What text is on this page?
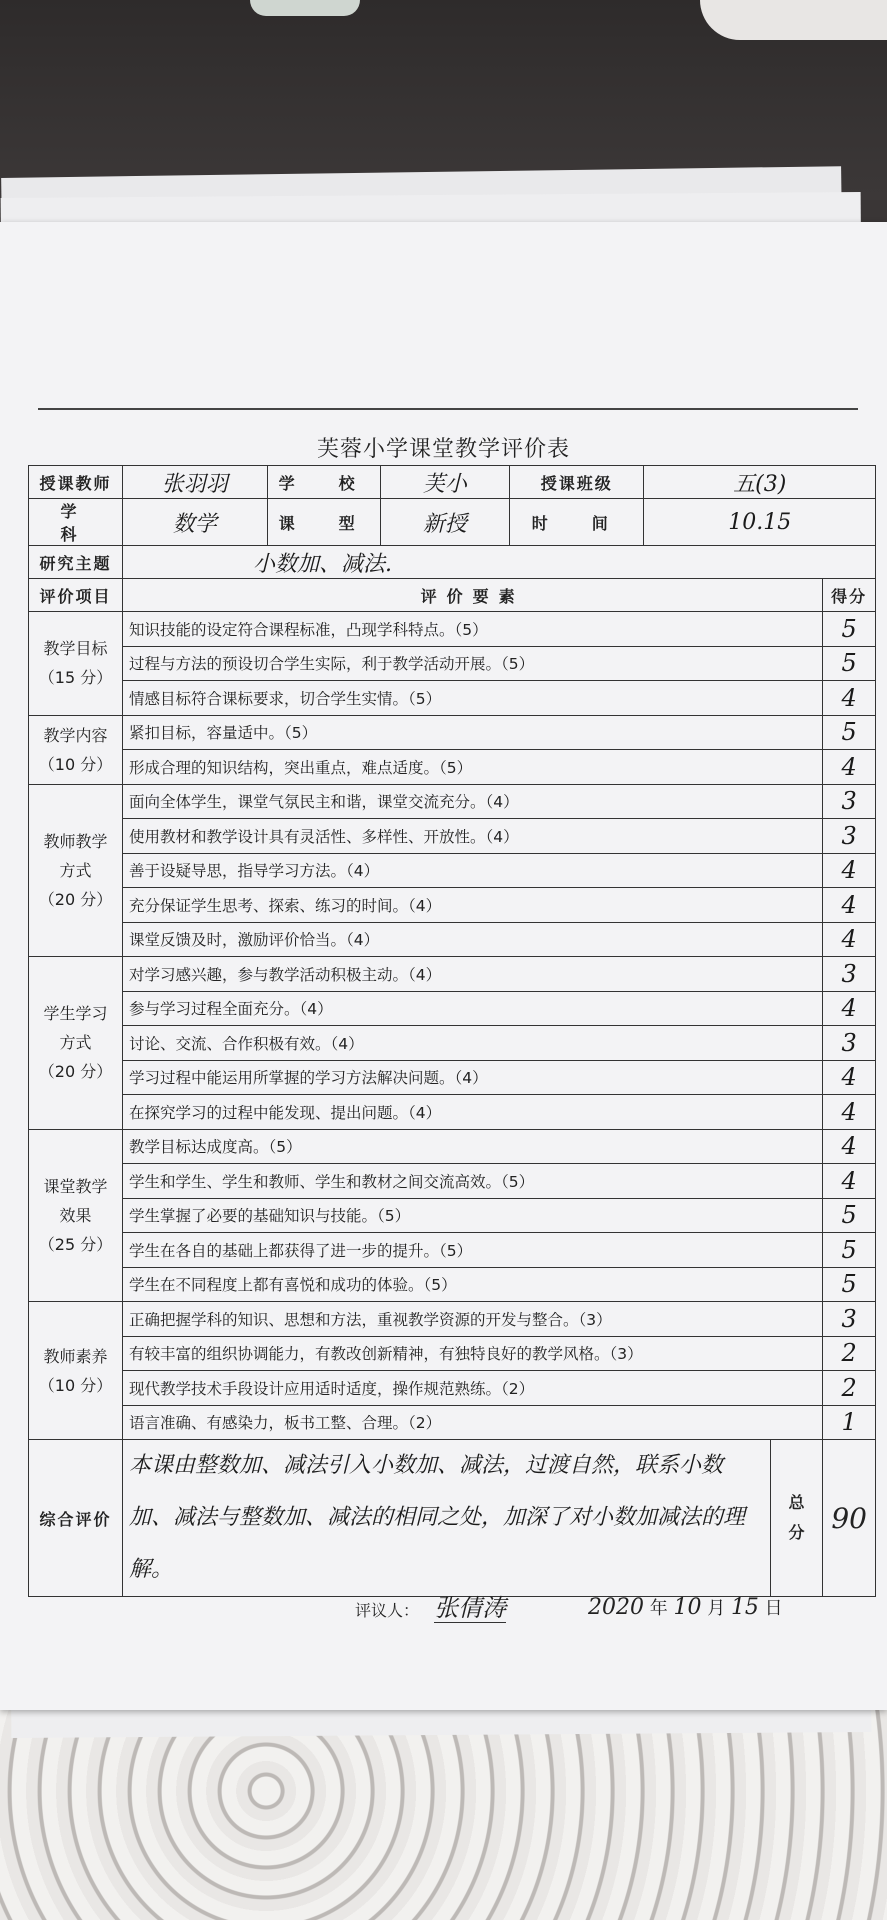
芙蓉小学课堂教学评价表
授课教师	张羽羽	学　校	芙小	授课班级	五(3)		
学　科	数学	课　型	新授	时　间	10.15		
研究主题	小数加、减法.						
评价项目	评价要素						得分

教学目标
（15 分）	知识技能的设定符合课程标准，凸现学科特点。（5）						5
	过程与方法的预设切合学生实际，利于教学活动开展。（5）						5
	情感目标符合课标要求，切合学生实情。（5）						4

教学内容
（10 分）	紧扣目标，容量适中。（5）						5
	形成合理的知识结构，突出重点，难点适度。（5）						4

教师教学
方式
（20 分）	面向全体学生，课堂气氛民主和谐，课堂交流充分。（4）						3
	使用教材和教学设计具有灵活性、多样性、开放性。（4）						3
	善于设疑导思，指导学习方法。（4）						4
	充分保证学生思考、探索、练习的时间。（4）						4
	课堂反馈及时，激励评价恰当。（4）						4

学生学习
方式
（20 分）	对学习感兴趣，参与教学活动积极主动。（4）						3
	参与学习过程全面充分。（4）						4
	讨论、交流、合作积极有效。（4）						3
	学习过程中能运用所掌握的学习方法解决问题。（4）						4
	在探究学习的过程中能发现、提出问题。（4）						4

课堂教学
效果
（25 分）	教学目标达成度高。（5）						4
	学生和学生、学生和教师、学生和教材之间交流高效。（5）						4
	学生掌握了必要的基础知识与技能。（5）						5
	学生在各自的基础上都获得了进一步的提升。（5）						5
	学生在不同程度上都有喜悦和成功的体验。（5）						5

教师素养
（10 分）	正确把握学科的知识、思想和方法，重视教学资源的开发与整合。（3）						3
	有较丰富的组织协调能力，有教改创新精神，有独特良好的教学风格。（3）						2
	现代教学技术手段设计应用适时适度，操作规范熟练。（2）						2
	语言准确、有感染力，板书工整、合理。（2）						1
综合评价	本课由整数加、减法引入小数加、减法，过渡自然，联系小数加、减法与整数加、减法的相同之处，加深了对小数加减法的理解。					总
分	90
评议人： 张倩涛	2020 年 10 月 15 日
